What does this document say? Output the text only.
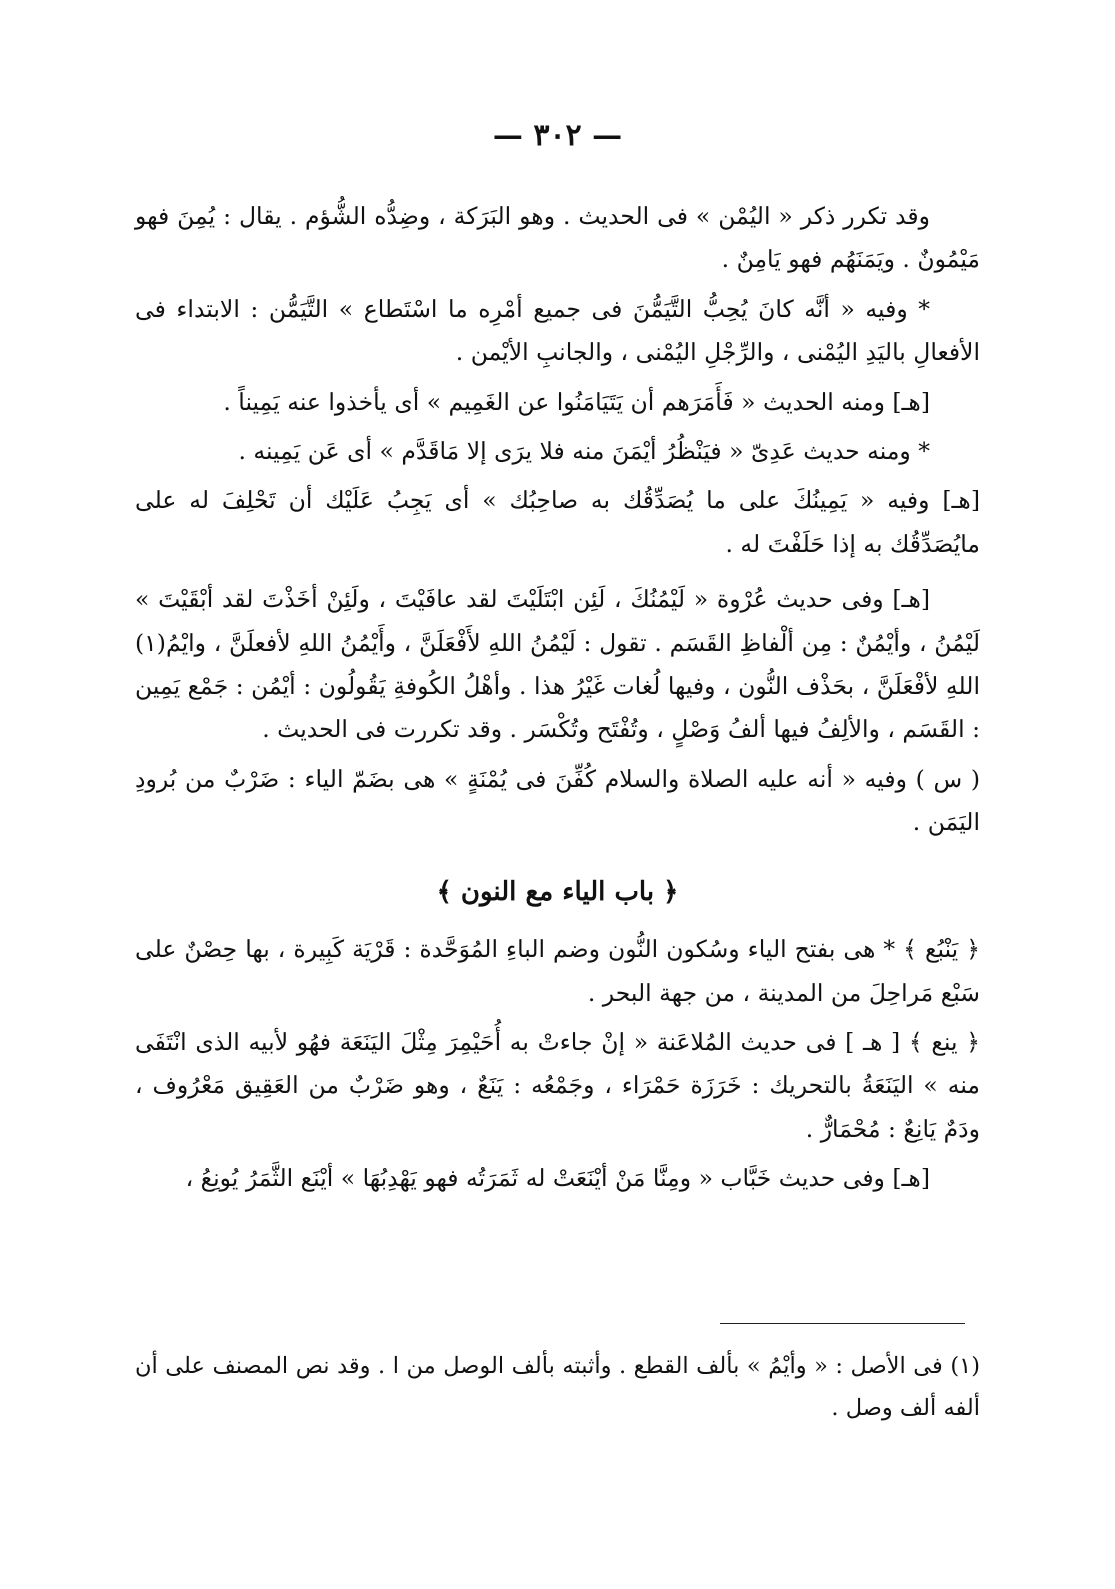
— ٣٠٢ —

وقد تكرر ذكر « اليُمْن » فى الحديث . وهو البَرَكة ، وضِدُّه الشُّؤم . يقال : يُمِنَ فهو مَيْمُونٌ . ويَمَنَهُم فهو يَامِنٌ .

* وفيه « أنَّه كانَ يُحِبُّ التَّيَمُّنَ فى جميع أمْرِه ما اسْتَطاع » التَّيَمُّن : الابتداء فى الأفعالِ باليَدِ اليُمْنى ، والرِّجْلِ اليُمْنى ، والجانبِ الأيْمن .

[هـ] ومنه الحديث « فَأَمَرَهم أن يَتَيَامَنُوا عن الغَمِيم » أى يأخذوا عنه يَمِيناً .

* ومنه حديث عَدِىّ « فيَنْظُرُ أيْمَنَ منه فلا يرَى إلا مَاقَدَّم » أى عَن يَمِينه .

[هـ] وفيه « يَمِينُكَ على ما يُصَدِّقُك به صاحِبُك » أى يَجِبُ عَلَيْك أن تَحْلِفَ له على مايُصَدِّقُك به إذا حَلَفْتَ له .

[هـ] وفى حديث عُرْوة « لَيْمُنُكَ ، لَئِن ابْتَلَيْتَ لقد عافَيْتَ ، ولَئِنْ أخَذْتَ لقد أبْقَيْتَ » لَيْمُنُ ، وأيْمُنٌ : مِن ألْفاظِ القَسَم . تقول : لَيْمُنُ اللهِ لأَفْعَلَنَّ ، وأَيْمُنُ اللهِ لأفعلَنَّ ، وايْمُ(١) اللهِ لأفْعَلَنَّ ، بحَذْف النُّون ، وفيها لُغات غَيْرُ هذا . وأهْلُ الكُوفةِ يَقُولُون : أيْمُن : جَمْع يَمِين : القَسَم ، والألِفُ فيها ألفُ وَصْلٍ ، وتُفْتَح وتُكْسَر . وقد تكررت فى الحديث .

( س ) وفيه « أنه عليه الصلاة والسلام كُفِّنَ فى يُمْنَةٍ » هى بضَمّ الياء : ضَرْبٌ من بُرودِ اليَمَن .

﴿ باب الياء مع النون ﴾

﴿ يَنْبُع ﴾ * هى بفتح الياء وسُكون النُّون وضم الباءِ المُوَحَّدة : قَرْيَة كَبِيرة ، بها حِصْنٌ على سَبْع مَراحِلَ من المدينة ، من جهة البحر .

﴿ ينع ﴾ [ هـ ] فى حديث المُلاعَنة « إنْ جاءتْ به أُحَيْمِرَ مِثْلَ اليَنَعَة فهُو لأبيه الذى انْتَفَى منه » اليَنَعَةُ بالتحريك : خَرَزَة حَمْرَاء ، وجَمْعُه : يَنَعٌ ، وهو ضَرْبٌ من العَقِيق مَعْرُوف ، ودَمٌ يَانِعٌ : مُحْمَارٌّ .

[هـ] وفى حديث خَبَّاب « ومِنَّا مَنْ أيْنَعَتْ له ثَمَرَتُه فهو يَهْدِبُهَا » أيْنَع الثَّمَرُ يُونِعُ ،

(١) فى الأصل : « وأيْمُ » بألف القطع . وأثبته بألف الوصل من ا . وقد نص المصنف على أن ألفه ألف وصل .
